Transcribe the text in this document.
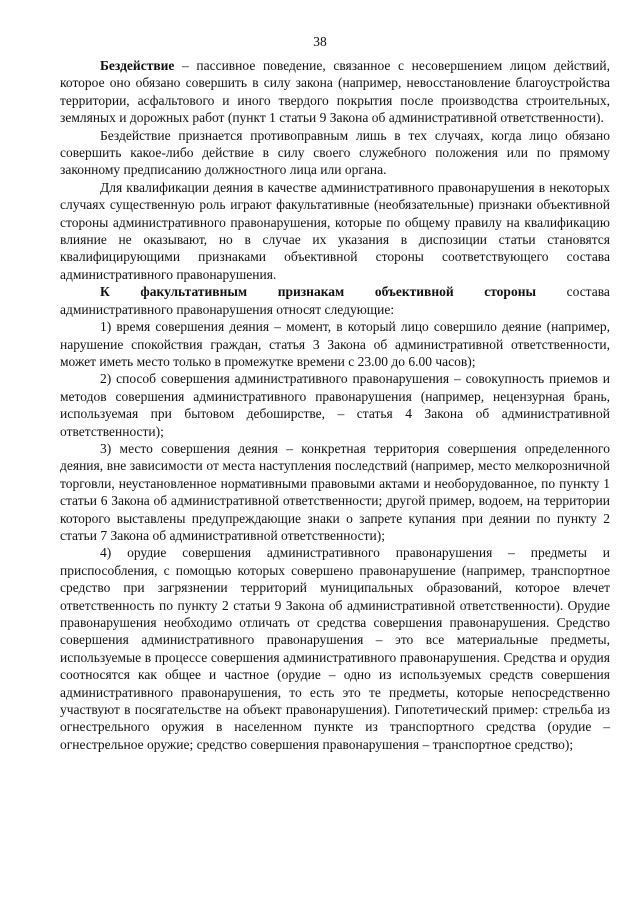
38

Бездействие – пассивное поведение, связанное с несовершением лицом действий, которое оно обязано совершить в силу закона (например, невосстановление благоустройства территории, асфальтового и иного твердого покрытия после производства строительных, земляных и дорожных работ (пункт 1 статьи 9 Закона об административной ответственности).

Бездействие признается противоправным лишь в тех случаях, когда лицо обязано совершить какое-либо действие в силу своего служебного положения или по прямому законному предписанию должностного лица или органа.

Для квалификации деяния в качестве административного правонарушения в некоторых случаях существенную роль играют факультативные (необязательные) признаки объективной стороны административного правонарушения, которые по общему правилу на квалификацию влияние не оказывают, но в случае их указания в диспозиции статьи становятся квалифицирующими признаками объективной стороны соответствующего состава административного правонарушения.

К факультативным признакам объективной стороны состава
административного правонарушения относят следующие:

1) время совершения деяния – момент, в который лицо совершило деяние (например, нарушение спокойствия граждан, статья 3 Закона об административной ответственности, может иметь место только в промежутке времени с 23.00 до 6.00 часов);

2) способ совершения административного правонарушения – совокупность приемов и методов совершения административного правонарушения (например, нецензурная брань, используемая при бытовом дебоширстве, – статья 4 Закона об административной ответственности);

3) место совершения деяния – конкретная территория совершения определенного деяния, вне зависимости от места наступления последствий (например, место мелкорозничной торговли, неустановленное нормативными правовыми актами и необорудованное, по пункту 1 статьи 6 Закона об административной ответственности; другой пример, водоем, на территории которого выставлены предупреждающие знаки о запрете купания при деянии по пункту 2 статьи 7 Закона об административной ответственности);

4) орудие совершения административного правонарушения – предметы и приспособления, с помощью которых совершено правонарушение (например, транспортное средство при загрязнении территорий муниципальных образований, которое влечет ответственность по пункту 2 статьи 9 Закона об административной ответственности). Орудие правонарушения необходимо отличать от средства совершения правонарушения. Средство совершения административного правонарушения – это все материальные предметы, используемые в процессе совершения административного правонарушения. Средства и орудия соотносятся как общее и частное (орудие – одно из используемых средств совершения административного правонарушения, то есть это те предметы, которые непосредственно участвуют в посягательстве на объект правонарушения). Гипотетический пример: стрельба из огнестрельного оружия в населенном пункте из транспортного средства (орудие – огнестрельное оружие; средство совершения правонарушения – транспортное средство);
